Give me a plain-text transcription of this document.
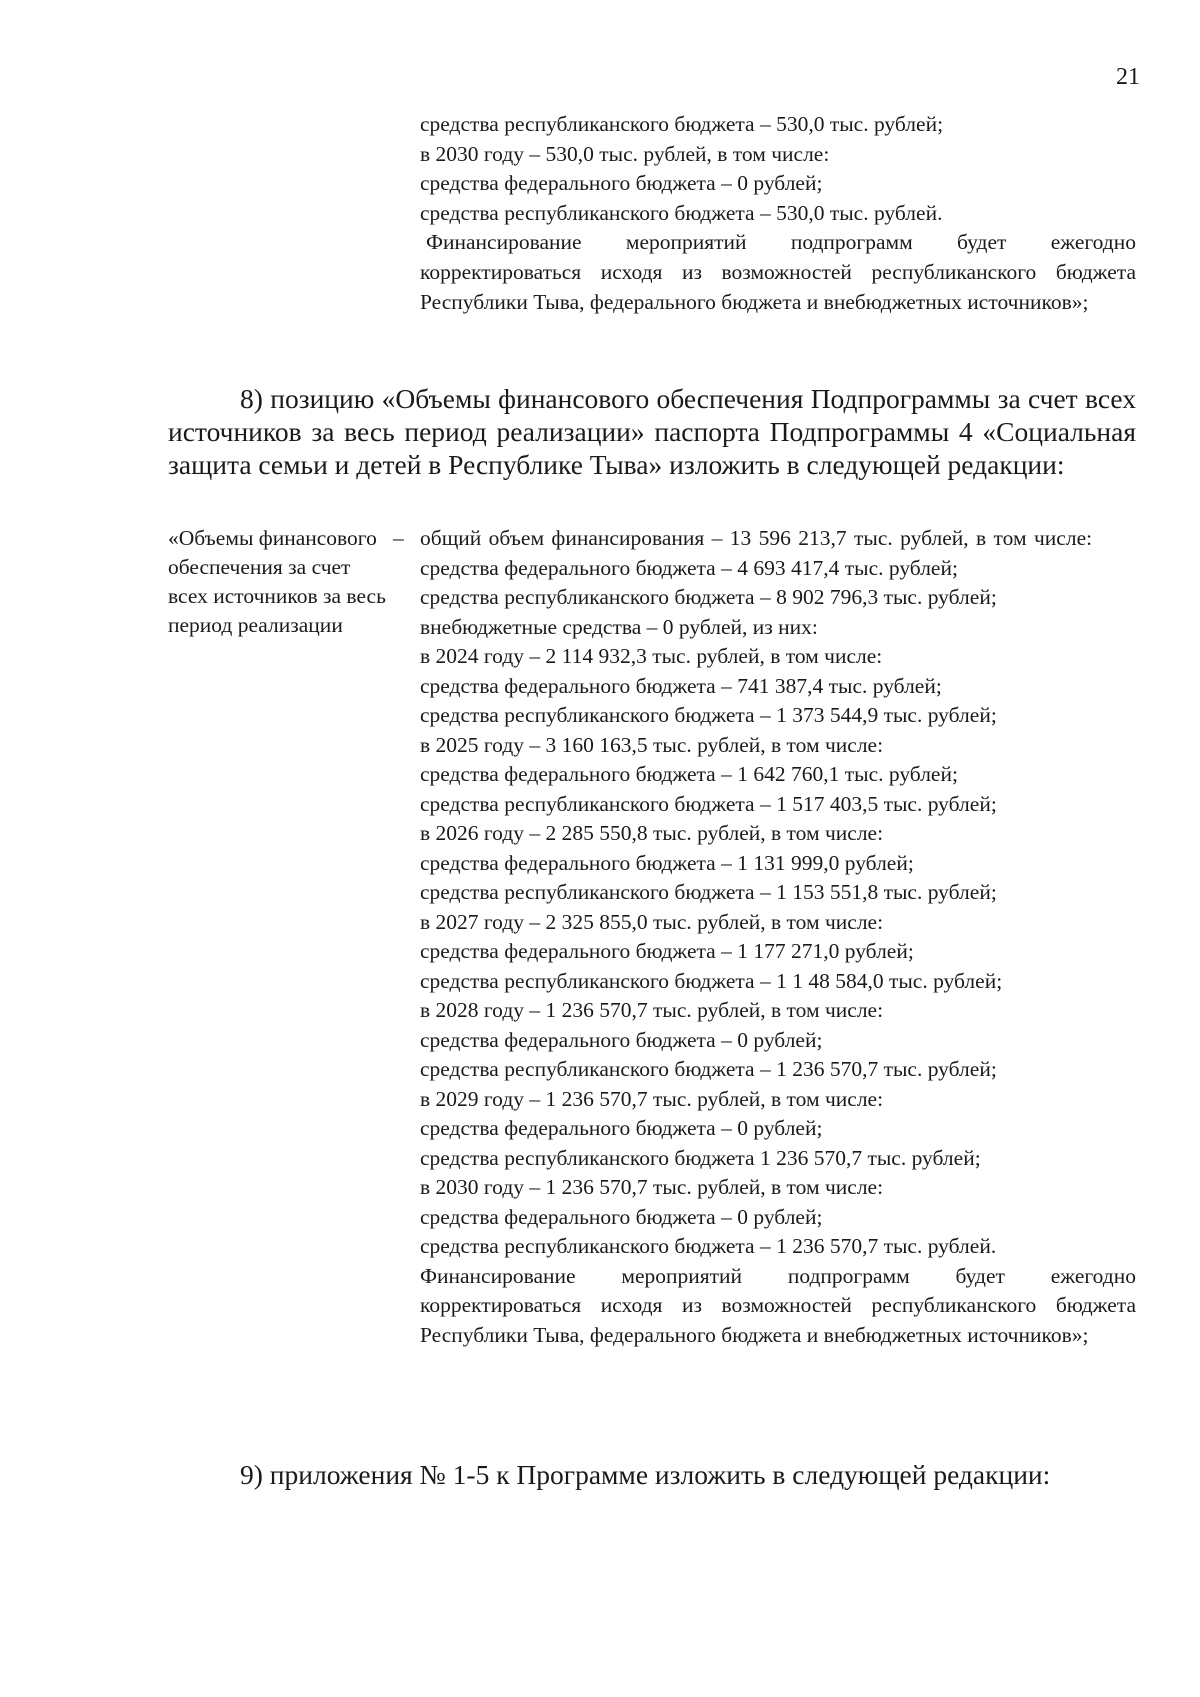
21
средства республиканского бюджета – 530,0 тыс. рублей;
в 2030 году – 530,0 тыс. рублей, в том числе:
средства федерального бюджета – 0 рублей;
средства республиканского бюджета – 530,0 тыс. рублей.

Финансирование мероприятий подпрограмм будет ежегодно корректироваться исходя из возможностей республиканского бюджета Республики Тыва, федерального бюджета и внебюджетных источников»;

8) позицию «Объемы финансового обеспечения Подпрограммы за счет всех источников за весь период реализации» паспорта Подпрограммы 4 «Социальная защита семьи и детей в Республике Тыва» изложить в следующей редакции:

«Объемы финансового обеспечения за счет всех источников за весь период реализации
– общий объем финансирования – 13 596 213,7 тыс. рублей, в том числе:

средства федерального бюджета – 4 693 417,4 тыс. рублей;
средства республиканского бюджета – 8 902 796,3 тыс. рублей;
внебюджетные средства – 0 рублей, из них:
в 2024 году – 2 114 932,3 тыс. рублей, в том числе:
средства федерального бюджета – 741 387,4 тыс. рублей;
средства республиканского бюджета – 1 373 544,9 тыс. рублей;
в 2025 году – 3 160 163,5 тыс. рублей, в том числе:
средства федерального бюджета – 1 642 760,1 тыс. рублей;
средства республиканского бюджета – 1 517 403,5 тыс. рублей;
в 2026 году – 2 285 550,8 тыс. рублей, в том числе:
средства федерального бюджета – 1 131 999,0 рублей;
средства республиканского бюджета – 1 153 551,8 тыс. рублей;
в 2027 году – 2 325 855,0 тыс. рублей, в том числе:
средства федерального бюджета – 1 177 271,0 рублей;
средства республиканского бюджета – 1 1 48 584,0 тыс. рублей;
в 2028 году – 1 236 570,7 тыс. рублей, в том числе:
средства федерального бюджета – 0 рублей;
средства республиканского бюджета – 1 236 570,7 тыс. рублей;
в 2029 году – 1 236 570,7 тыс. рублей, в том числе:
средства федерального бюджета – 0 рублей;
средства республиканского бюджета 1 236 570,7 тыс. рублей;
в 2030 году – 1 236 570,7 тыс. рублей, в том числе:
средства федерального бюджета – 0 рублей;
средства республиканского бюджета – 1 236 570,7 тыс. рублей.

Финансирование мероприятий подпрограмм будет ежегодно корректироваться исходя из возможностей республиканского бюджета Республики Тыва, федерального бюджета и внебюджетных источников»;

9) приложения № 1-5 к Программе изложить в следующей редакции:
